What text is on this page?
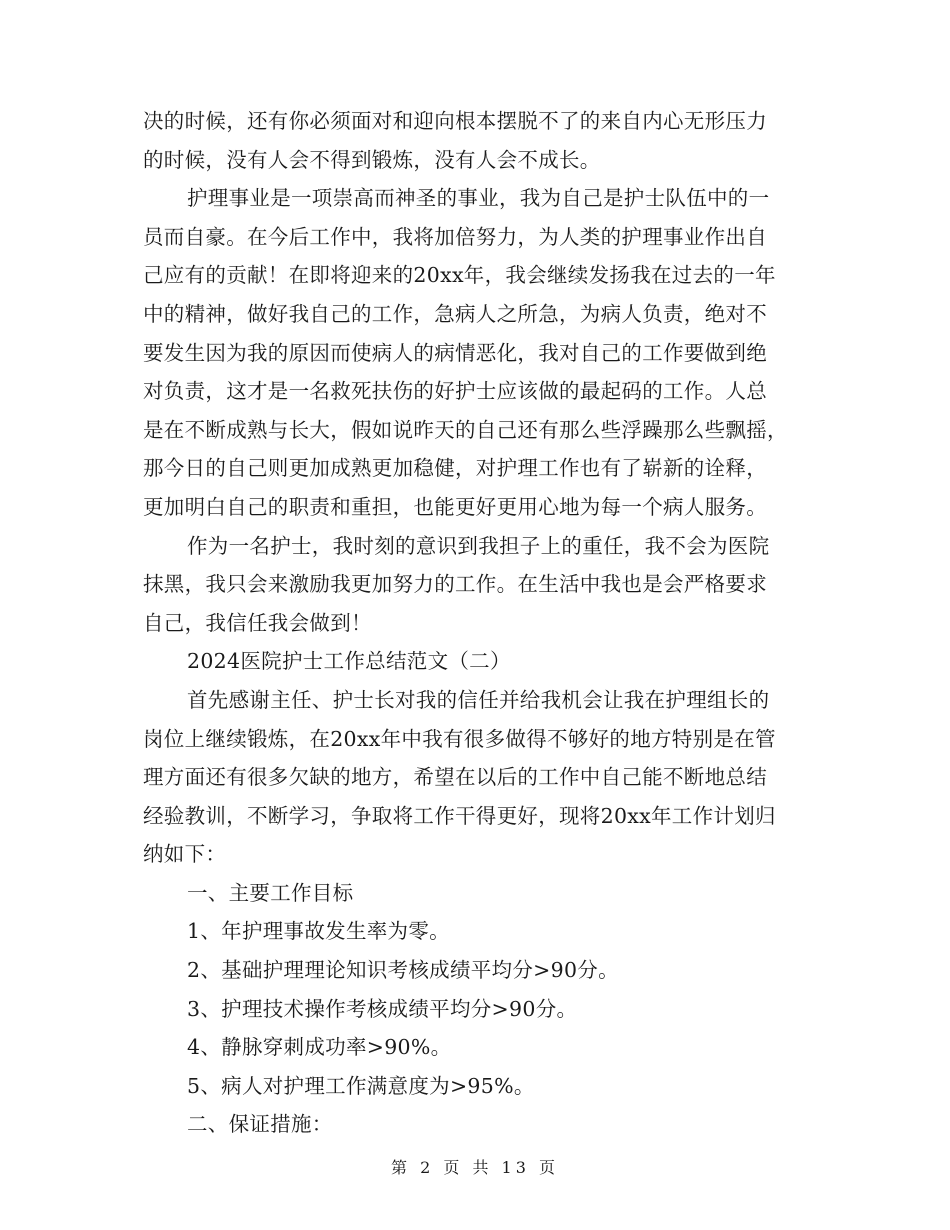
决的时候，还有你必须面对和迎向根本摆脱不了的来自内心无形压力
的时候，没有人会不得到锻炼，没有人会不成长。
护理事业是一项崇高而神圣的事业，我为自己是护士队伍中的一
员而自豪。在今后工作中，我将加倍努力，为人类的护理事业作出自
己应有的贡献！在即将迎来的20xx年，我会继续发扬我在过去的一年
中的精神，做好我自己的工作，急病人之所急，为病人负责，绝对不
要发生因为我的原因而使病人的病情恶化，我对自己的工作要做到绝
对负责，这才是一名救死扶伤的好护士应该做的最起码的工作。人总
是在不断成熟与长大，假如说昨天的自己还有那么些浮躁那么些飘摇，
那今日的自己则更加成熟更加稳健，对护理工作也有了崭新的诠释，
更加明白自己的职责和重担，也能更好更用心地为每一个病人服务。
作为一名护士，我时刻的意识到我担子上的重任，我不会为医院
抹黑，我只会来激励我更加努力的工作。在生活中我也是会严格要求
自己，我信任我会做到！
2024医院护士工作总结范文（二）
首先感谢主任、护士长对我的信任并给我机会让我在护理组长的
岗位上继续锻炼，在20xx年中我有很多做得不够好的地方特别是在管
理方面还有很多欠缺的地方，希望在以后的工作中自己能不断地总结
经验教训，不断学习，争取将工作干得更好，现将20xx年工作计划归
纳如下：
一、主要工作目标
1、年护理事故发生率为零。
2、基础护理理论知识考核成绩平均分>90分。
3、护理技术操作考核成绩平均分>90分。
4、静脉穿刺成功率>90%。
5、病人对护理工作满意度为>95%。
二、保证措施：
第 2 页 共 13 页
